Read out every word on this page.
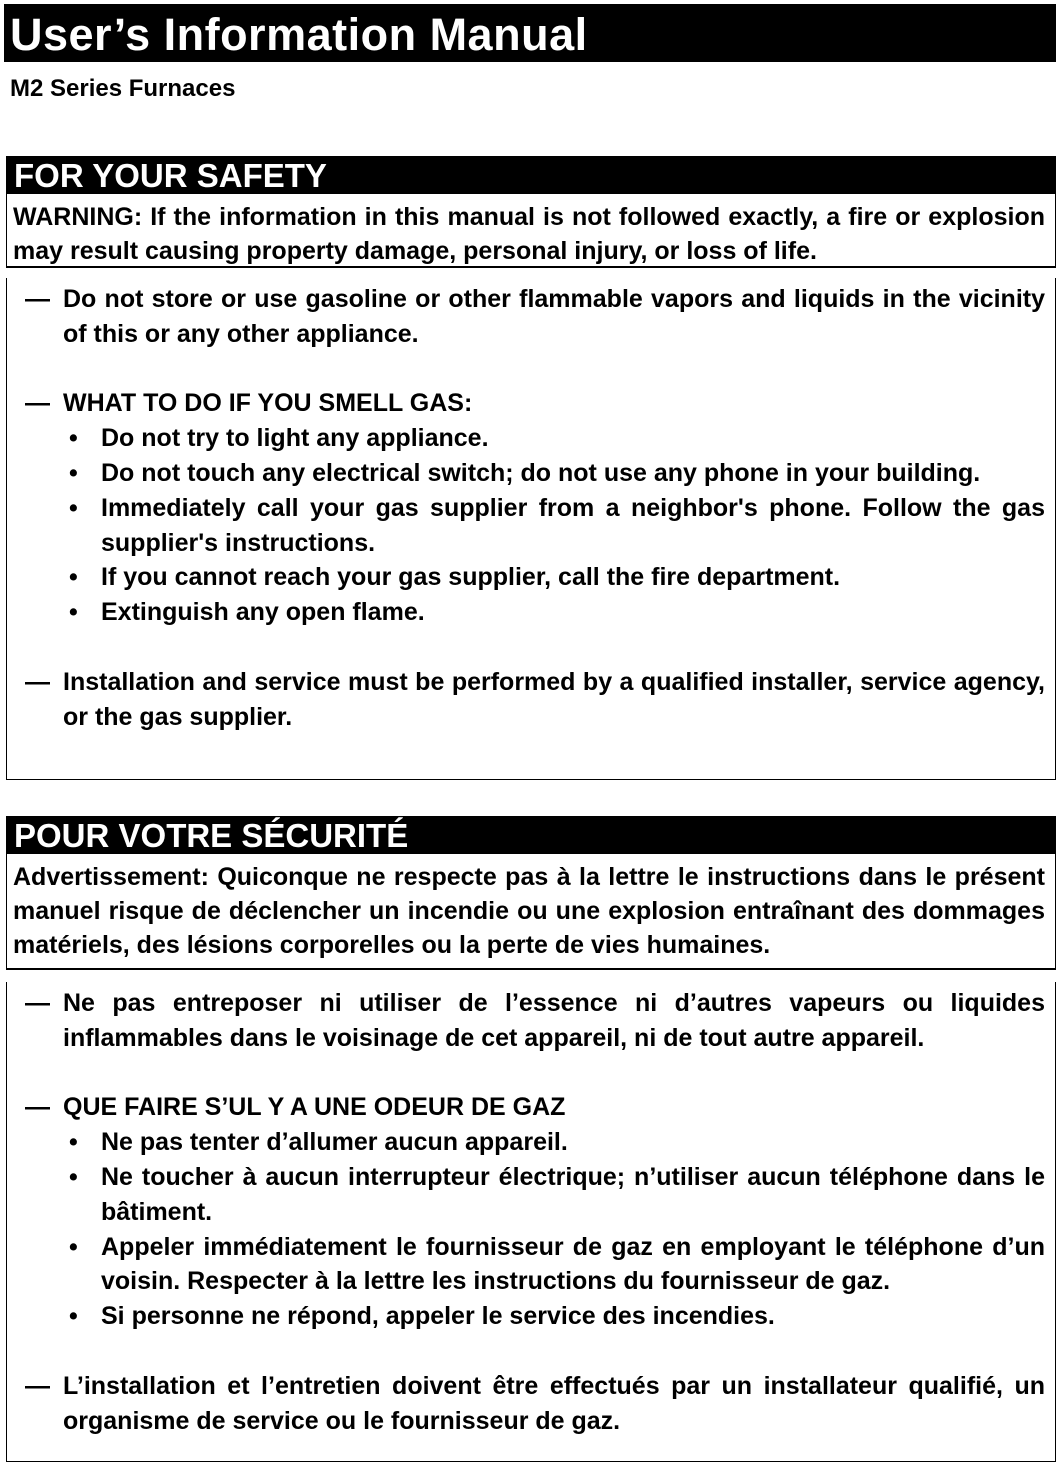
User’s Information Manual
M2 Series Furnaces
FOR YOUR SAFETY
WARNING: If the information in this manual is not followed exactly, a fire or explosion may result causing property damage, personal injury, or loss of life.
— Do not store or use gasoline or other flammable vapors and liquids in the vicinity of this or any other appliance.
— WHAT TO DO IF YOU SMELL GAS:
• Do not try to light any appliance.
• Do not touch any electrical switch; do not use any phone in your building.
• Immediately call your gas supplier from a neighbor's phone. Follow the gas supplier's instructions.
• If you cannot reach your gas supplier, call the fire department.
• Extinguish any open flame.
— Installation and service must be performed by a qualified installer, service agency, or the gas supplier.
POUR VOTRE SÉCURITÉ
Advertissement: Quiconque ne respecte pas à la lettre le instructions dans le présent manuel risque de déclencher un incendie ou une explosion entraînant des dommages matériels, des lésions corporelles ou la perte de vies humaines.
— Ne pas entreposer ni utiliser de l’essence ni d’autres vapeurs ou liquides inflammables dans le voisinage de cet appareil, ni de tout autre appareil.
— QUE FAIRE S’UL Y A UNE ODEUR DE GAZ
• Ne pas tenter d’allumer aucun appareil.
• Ne toucher à aucun interrupteur électrique; n’utiliser aucun téléphone dans le bâtiment.
• Appeler immédiatement le fournisseur de gaz en employant le téléphone d’un voisin. Respecter à la lettre les instructions du fournisseur de gaz.
• Si personne ne répond, appeler le service des incendies.
— L’installation et l’entretien doivent être effectués par un installateur qualifié, un organisme de service ou le fournisseur de gaz.
